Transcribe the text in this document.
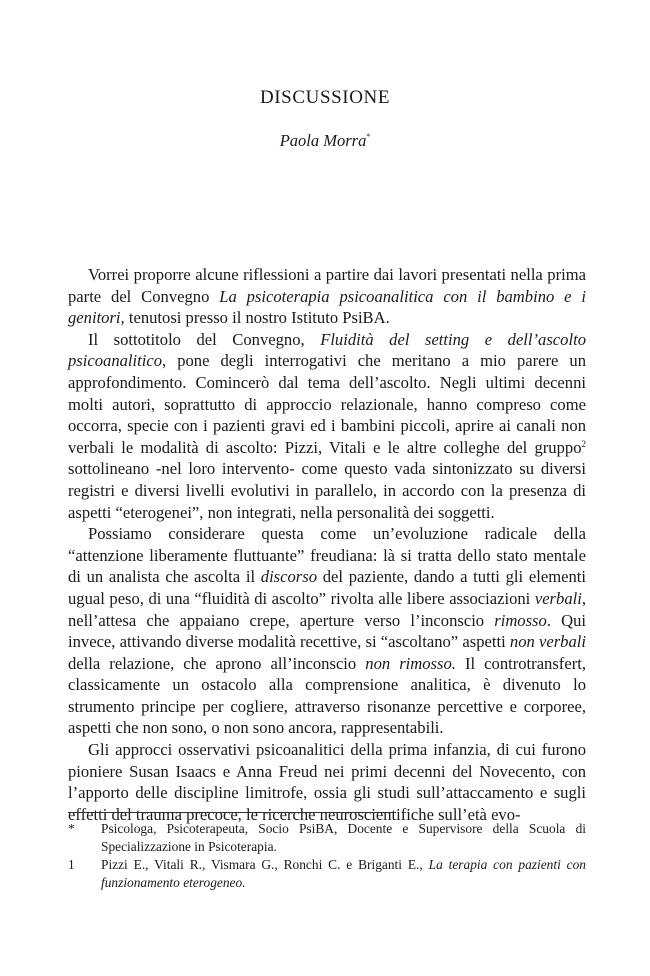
DISCUSSIONE
Paola Morra*

Vorrei proporre alcune riflessioni a partire dai lavori presentati nella prima parte del Convegno La psicoterapia psicoanalitica con il bambino e i genitori, tenutosi presso il nostro Istituto PsiBA.

Il sottotitolo del Convegno, Fluidità del setting e dell’ascolto psicoanalitico, pone degli interrogativi che meritano a mio parere un approfondimento. Comincerò dal tema dell’ascolto. Negli ultimi decenni molti autori, soprattutto di approccio relazionale, hanno compreso come occorra, specie con i pazienti gravi ed i bambini piccoli, aprire ai canali non verbali le modalità di ascolto: Pizzi, Vitali e le altre colleghe del gruppo$^2$ sottolineano -nel loro intervento- come questo vada sintonizzato su diversi registri e diversi livelli evolutivi in parallelo, in accordo con la presenza di aspetti “eterogenei”, non integrati, nella personalità dei soggetti.

Possiamo considerare questa come un’evoluzione radicale della “attenzione liberamente fluttuante” freudiana: là si tratta dello stato mentale di un analista che ascolta il discorso del paziente, dando a tutti gli elementi ugual peso, di una “fluidità di ascolto” rivolta alle libere associazioni verbali, nell’attesa che appaiano crepe, aperture verso l’inconscio rimosso. Qui invece, attivando diverse modalità recettive, si “ascoltano” aspetti non verbali della relazione, che aprono all’inconscio non rimosso. Il controtransfert, classicamente un ostacolo alla comprensione analitica, è divenuto lo strumento principe per cogliere, attraverso risonanze percettive e corporee, aspetti che non sono, o non sono ancora, rappresentabili.

Gli approcci osservativi psicoanalitici della prima infanzia, di cui furono pioniere Susan Isaacs e Anna Freud nei primi decenni del Novecento, con l’apporto delle discipline limitrofe, ossia gli studi sull’attaccamento e sugli effetti del trauma precoce, le ricerche neuroscientifiche sull’età evo-

* Psicologa, Psicoterapeuta, Socio PsiBA, Docente e Supervisore della Scuola di Specializzazione in Psicoterapia.

1 Pizzi E., Vitali R., Vismara G., Ronchi C. e Briganti E., La terapia con pazienti con funzionamento eterogeneo.
